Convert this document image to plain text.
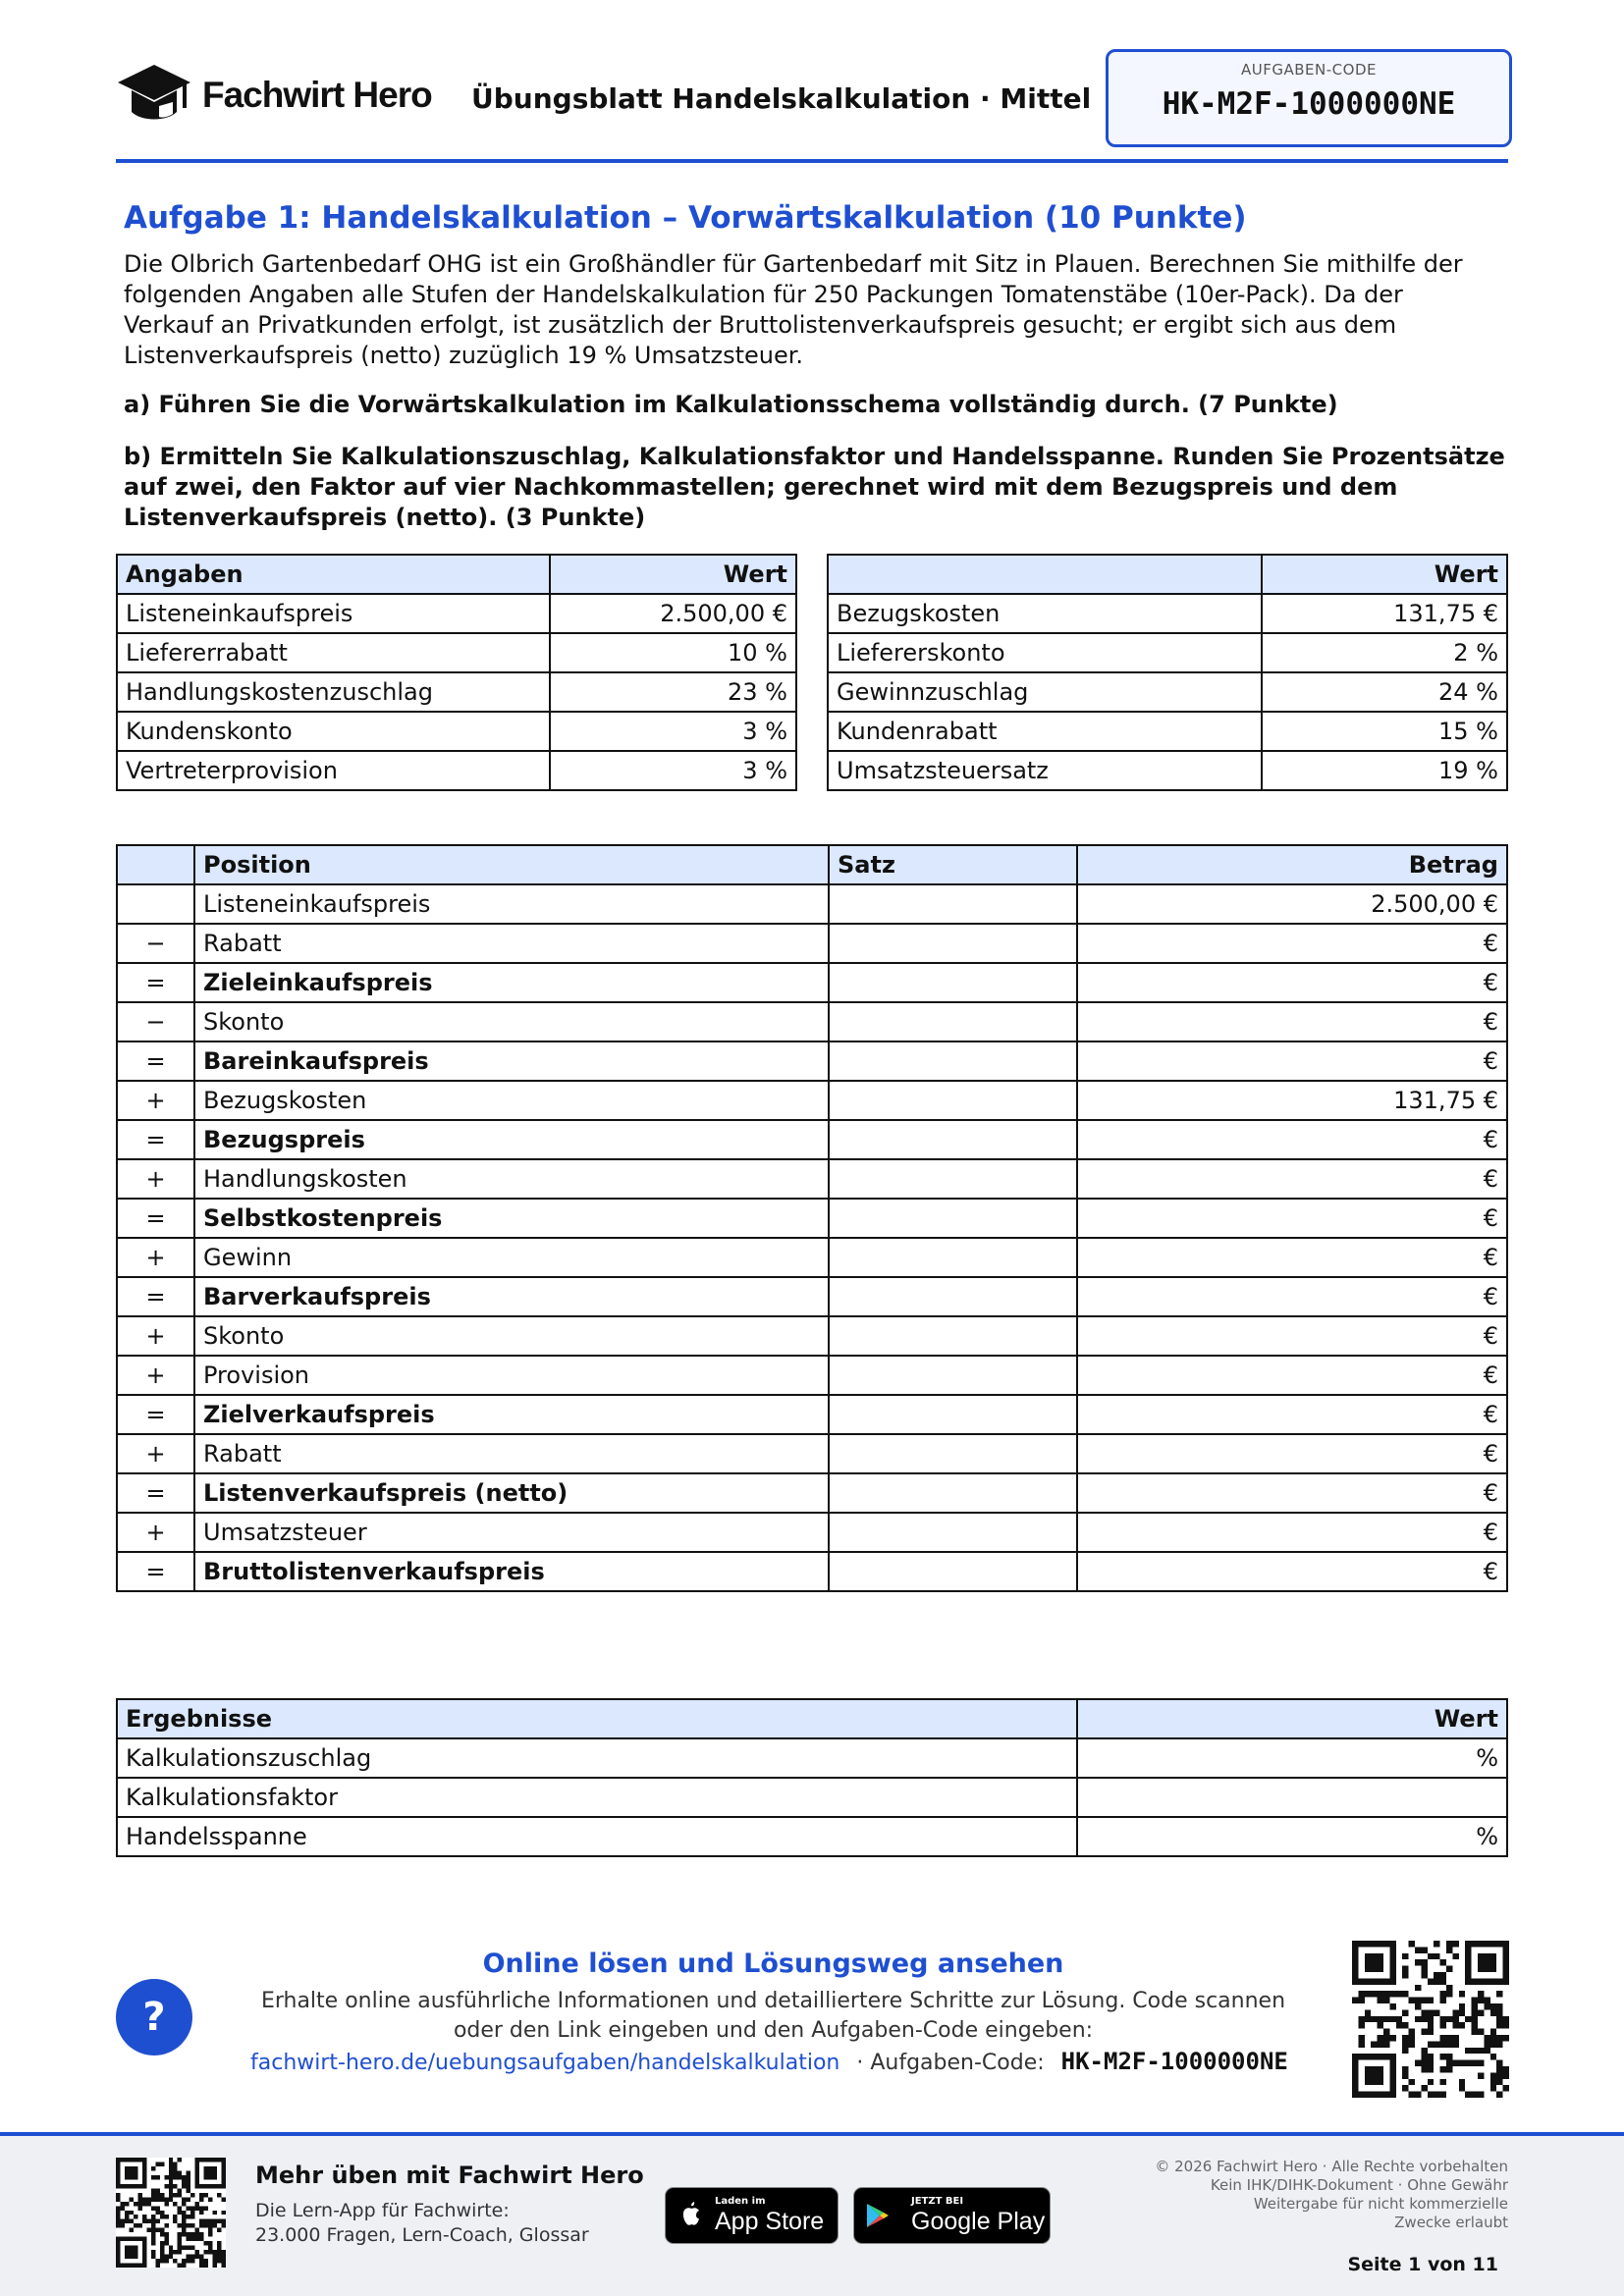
Fachwirt Hero Übungsblatt Handelskalkulation · Mittel
AUFGABEN-CODE
HK-M2F-1000000NE
Aufgabe 1: Handelskalkulation – Vorwärtskalkulation (10 Punkte)
Die Olbrich Gartenbedarf OHG ist ein Großhändler für Gartenbedarf mit Sitz in Plauen. Berechnen Sie mithilfe der folgenden Angaben alle Stufen der Handelskalkulation für 250 Packungen Tomatenstäbe (10er-Pack). Da der Verkauf an Privatkunden erfolgt, ist zusätzlich der Bruttolistenverkaufspreis gesucht; er ergibt sich aus dem Listenverkaufspreis (netto) zuzüglich 19 % Umsatzsteuer.
a) Führen Sie die Vorwärtskalkulation im Kalkulationsschema vollständig durch. (7 Punkte)
b) Ermitteln Sie Kalkulationszuschlag, Kalkulationsfaktor und Handelsspanne. Runden Sie Prozentsätze auf zwei, den Faktor auf vier Nachkommastellen; gerechnet wird mit dem Bezugspreis und dem Listenverkaufspreis (netto). (3 Punkte)
Angaben	Wert
Listeneinkaufspreis	2.500,00 €
Liefererrabatt	10 %
Handlungskostenzuschlag	23 %
Kundenskonto	3 %
Vertreterprovision	3 %
	Wert
Bezugskosten	131,75 €
Liefererskonto	2 %
Gewinnzuschlag	24 %
Kundenrabatt	15 %
Umsatzsteuersatz	19 %
	Position	Satz	Betrag
	Listeneinkaufspreis		2.500,00 €
−	Rabatt		€
=	Zieleinkaufspreis		€
−	Skonto		€
=	Bareinkaufspreis		€
+	Bezugskosten		131,75 €
=	Bezugspreis		€
+	Handlungskosten		€
=	Selbstkostenpreis		€
+	Gewinn		€
=	Barverkaufspreis		€
+	Skonto		€
+	Provision		€
=	Zielverkaufspreis		€
+	Rabatt		€
=	Listenverkaufspreis (netto)		€
+	Umsatzsteuer		€
=	Bruttolistenverkaufspreis		€
Ergebnisse	Wert
Kalkulationszuschlag	%
Kalkulationsfaktor	
Handelsspanne	%
?
Online lösen und Lösungsweg ansehen
Erhalte online ausführliche Informationen und detailliertere Schritte zur Lösung. Code scannen oder den Link eingeben und den Aufgaben-Code eingeben:
fachwirt-hero.de/uebungsaufgaben/handelskalkulation · Aufgaben-Code: HK-M2F-1000000NE
Mehr üben mit Fachwirt Hero
Die Lern-App für Fachwirte:
23.000 Fragen, Lern-Coach, Glossar
Laden im
App Store
JETZT BEI
Google Play
© 2026 Fachwirt Hero · Alle Rechte vorbehalten
Kein IHK/DIHK-Dokument · Ohne Gewähr
Weitergabe für nicht kommerzielle
Zwecke erlaubt
Seite 1 von 11
